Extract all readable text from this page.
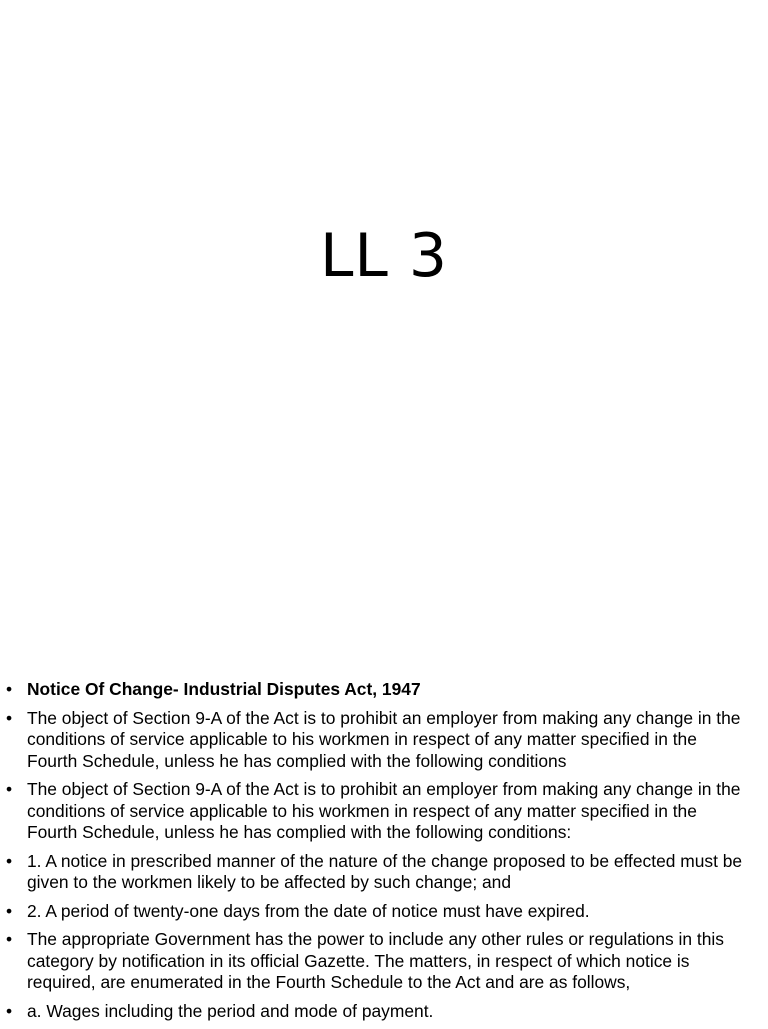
LL 3
• Notice Of Change- Industrial Disputes Act, 1947
• The object of Section 9-A of the Act is to prohibit an employer from making any change in the conditions of service applicable to his workmen in respect of any matter specified in the Fourth Schedule, unless he has complied with the following conditions
• The object of Section 9-A of the Act is to prohibit an employer from making any change in the conditions of service applicable to his workmen in respect of any matter specified in the Fourth Schedule, unless he has complied with the following conditions:
• 1. A notice in prescribed manner of the nature of the change proposed to be effected must be given to the workmen likely to be affected by such change; and
• 2. A period of twenty-one days from the date of notice must have expired.
• The appropriate Government has the power to include any other rules or regulations in this category by notification in its official Gazette. The matters, in respect of which notice is required, are enumerated in the Fourth Schedule to the Act and are as follows,
• a. Wages including the period and mode of payment.
